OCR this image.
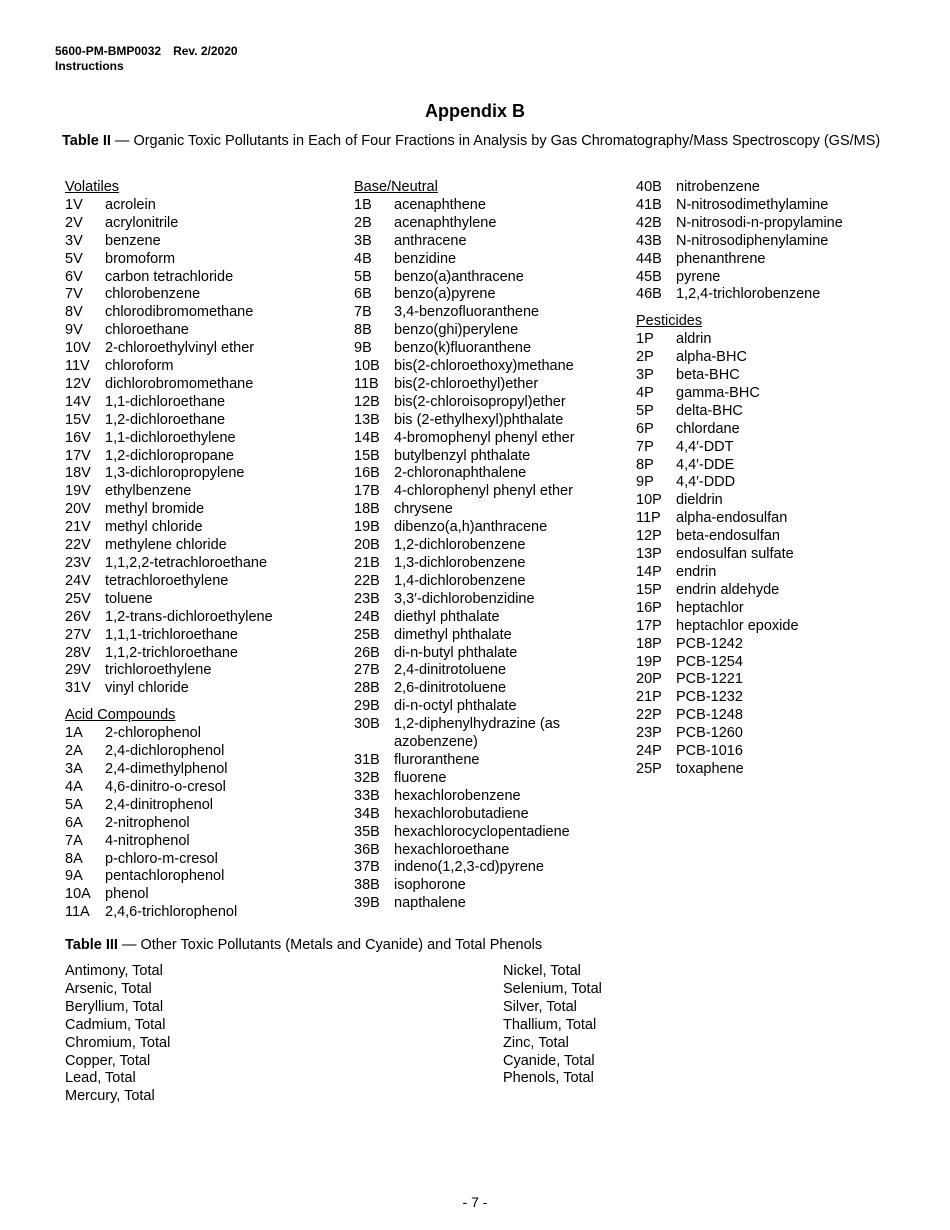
5600-PM-BMP0032 Rev. 2/2020
Instructions
Appendix B
Table II — Organic Toxic Pollutants in Each of Four Fractions in Analysis by Gas Chromatography/Mass Spectroscopy (GS/MS)
Volatiles
1V	acrolein
2V	acrylonitrile
3V	benzene
5V	bromoform
6V	carbon tetrachloride
7V	chlorobenzene
8V	chlorodibromomethane
9V	chloroethane
10V 2-chloroethylvinyl ether
11V	chloroform
12V dichlorobromomethane
14V 1,1-dichloroethane
15V 1,2-dichloroethane
16V 1,1-dichloroethylene
17V 1,2-dichloropropane
18V 1,3-dichloropropylene
19V ethylbenzene
20V methyl bromide
21V methyl chloride
22V methylene chloride
23V 1,1,2,2-tetrachloroethane
24V tetrachloroethylene
25V toluene
26V 1,2-trans-dichloroethylene
27V 1,1,1-trichloroethane
28V 1,1,2-trichloroethane
29V trichloroethylene
31V vinyl chloride
Acid Compounds
1A	2-chlorophenol
2A	2,4-dichlorophenol
3A	2,4-dimethylphenol
4A	4,6-dinitro-o-cresol
5A	2,4-dinitrophenol
6A	2-nitrophenol
7A	4-nitrophenol
8A	p-chloro-m-cresol
9A	pentachlorophenol
10A phenol
11A	2,4,6-trichlorophenol
Base/Neutral
1B	acenaphthene
2B	acenaphthylene
3B	anthracene
4B	benzidine
5B	benzo(a)anthracene
6B	benzo(a)pyrene
7B	3,4-benzofluoranthene
8B	benzo(ghi)perylene
9B	benzo(k)fluoranthene
10B bis(2-chloroethoxy)methane
11B	bis(2-chloroethyl)ether
12B bis(2-chloroisopropyl)ether
13B bis (2-ethylhexyl)phthalate
14B 4-bromophenyl phenyl ether
15B butylbenzyl phthalate
16B 2-chloronaphthalene
17B 4-chlorophenyl phenyl ether
18B chrysene
19B dibenzo(a,h)anthracene
20B 1,2-dichlorobenzene
21B 1,3-dichlorobenzene
22B 1,4-dichlorobenzene
23B 3,3′-dichlorobenzidine
24B diethyl phthalate
25B dimethyl phthalate
26B di-n-butyl phthalate
27B 2,4-dinitrotoluene
28B 2,6-dinitrotoluene
29B di-n-octyl phthalate
30B 1,2-diphenylhydrazine (as azobenzene)
31B fluroranthene
32B fluorene
33B hexachlorobenzene
34B hexachlorobutadiene
35B hexachlorocyclopentadiene
36B hexachloroethane
37B indeno(1,2,3-cd)pyrene
38B isophorone
39B napthalene
40B nitrobenzene
41B N-nitrosodimethylamine
42B N-nitrosodi-n-propylamine
43B N-nitrosodiphenylamine
44B phenanthrene
45B pyrene
46B 1,2,4-trichlorobenzene
Pesticides
1P	aldrin
2P	alpha-BHC
3P	beta-BHC
4P	gamma-BHC
5P	delta-BHC
6P	chlordane
7P	4,4′-DDT
8P	4,4′-DDE
9P	4,4′-DDD
10P dieldrin
11P	alpha-endosulfan
12P beta-endosulfan
13P endosulfan sulfate
14P endrin
15P endrin aldehyde
16P heptachlor
17P heptachlor epoxide
18P PCB-1242
19P PCB-1254
20P PCB-1221
21P PCB-1232
22P PCB-1248
23P PCB-1260
24P PCB-1016
25P toxaphene
Table III — Other Toxic Pollutants (Metals and Cyanide) and Total Phenols
Antimony, Total
Arsenic, Total
Beryllium, Total
Cadmium, Total
Chromium, Total
Copper, Total
Lead, Total
Mercury, Total
Nickel, Total
Selenium, Total
Silver, Total
Thallium, Total
Zinc, Total
Cyanide, Total
Phenols, Total
- 7 -
